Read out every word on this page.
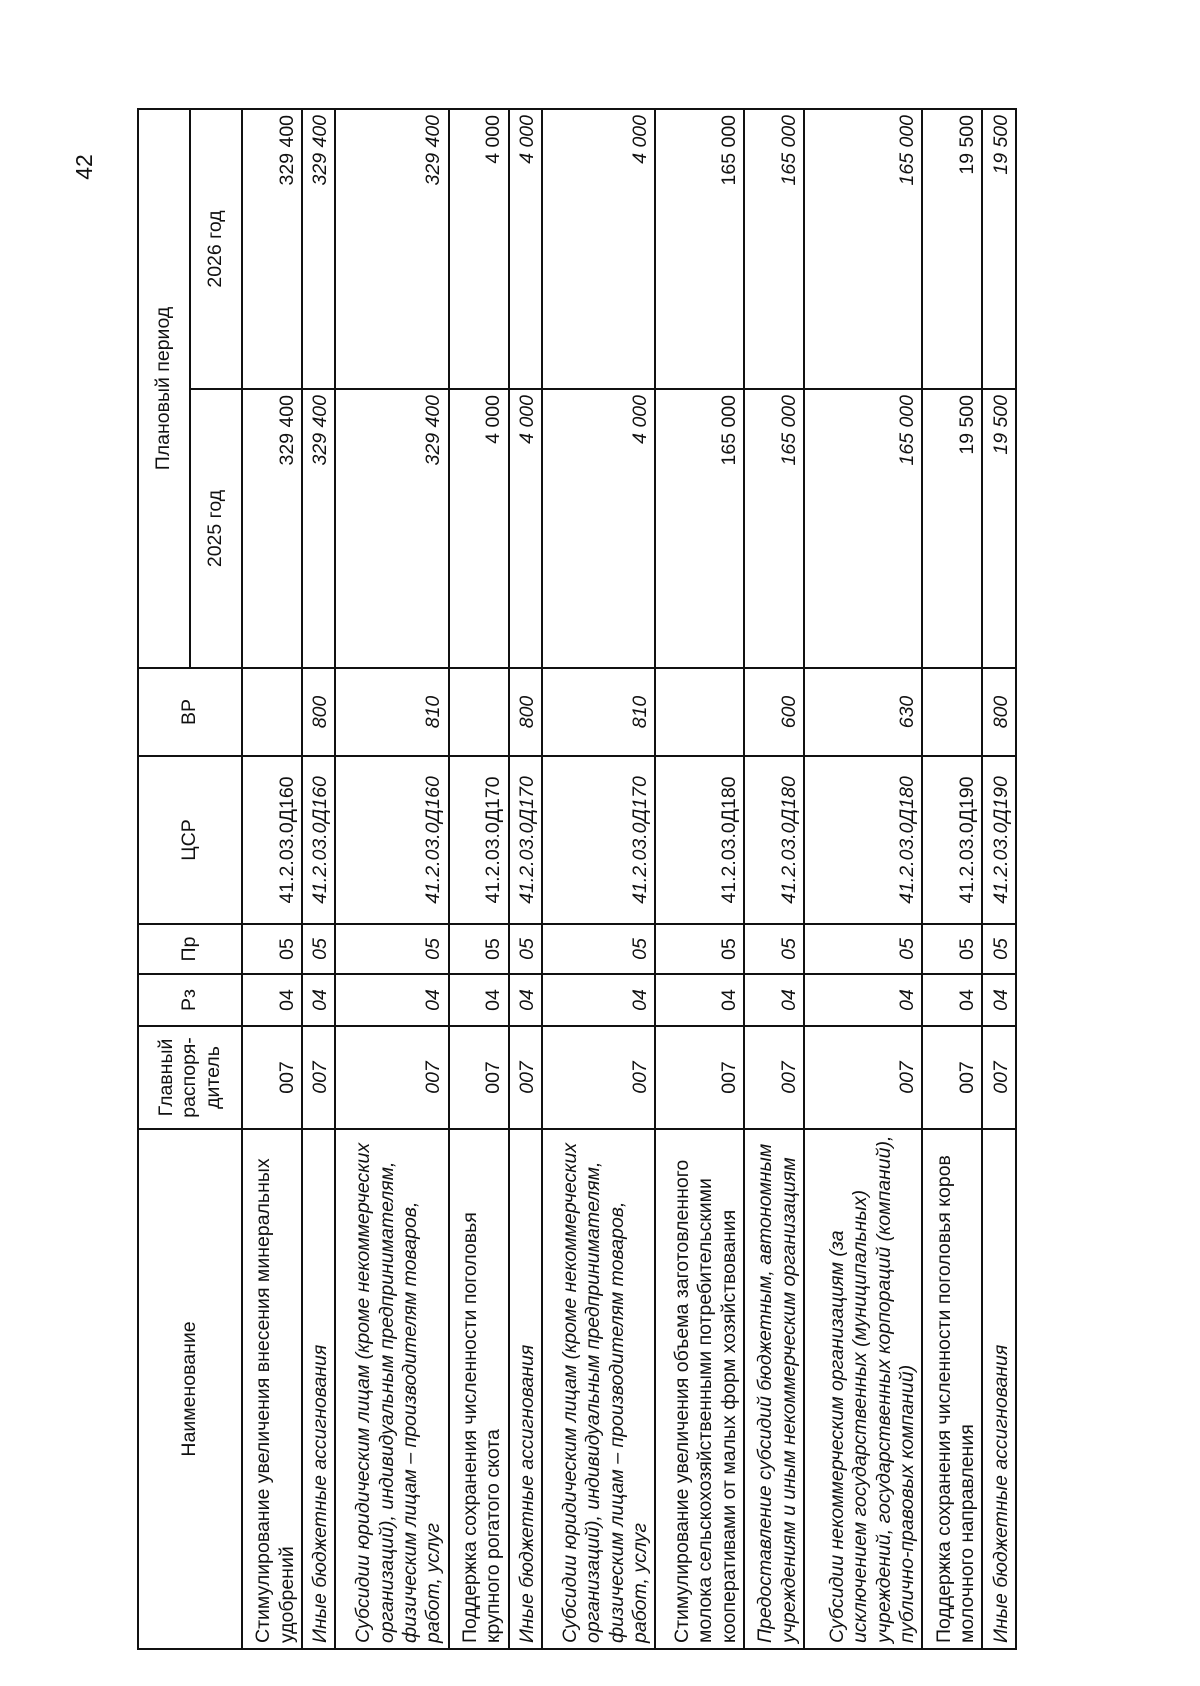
42
Наименование	Главный распоря-дитель	Рз	Пр	ЦСР	ВР	Плановый период	
						2025 год	2026 год
Стимулирование увеличения внесения минеральных удобрений	007	04	05	41.2.03.0Д160		329 400	329 400
Иные бюджетные ассигнования	007	04	05	41.2.03.0Д160	800	329 400	329 400
Субсидии юридическим лицам (кроме некоммерческих организаций), индивидуальным предпринимателям, физическим лицам – производителям товаров, работ, услуг	007	04	05	41.2.03.0Д160	810	329 400	329 400
Поддержка сохранения численности поголовья крупного рогатого скота	007	04	05	41.2.03.0Д170		4 000	4 000
Иные бюджетные ассигнования	007	04	05	41.2.03.0Д170	800	4 000	4 000
Субсидии юридическим лицам (кроме некоммерческих организаций), индивидуальным предпринимателям, физическим лицам – производителям товаров, работ, услуг	007	04	05	41.2.03.0Д170	810	4 000	4 000
Стимулирование увеличения объема заготовленного молока сельскохозяйственными потребительскими кооперативами от малых форм хозяйствования	007	04	05	41.2.03.0Д180		165 000	165 000
Предоставление субсидий бюджетным, автономным учреждениям и иным некоммерческим организациям	007	04	05	41.2.03.0Д180	600	165 000	165 000
Субсидии некоммерческим организациям (за исключением государственных (муниципальных) учреждений, государственных корпораций (компаний), публично-правовых компаний)	007	04	05	41.2.03.0Д180	630	165 000	165 000
Поддержка сохранения численности поголовья коров молочного направления	007	04	05	41.2.03.0Д190		19 500	19 500
Иные бюджетные ассигнования	007	04	05	41.2.03.0Д190	800	19 500	19 500
